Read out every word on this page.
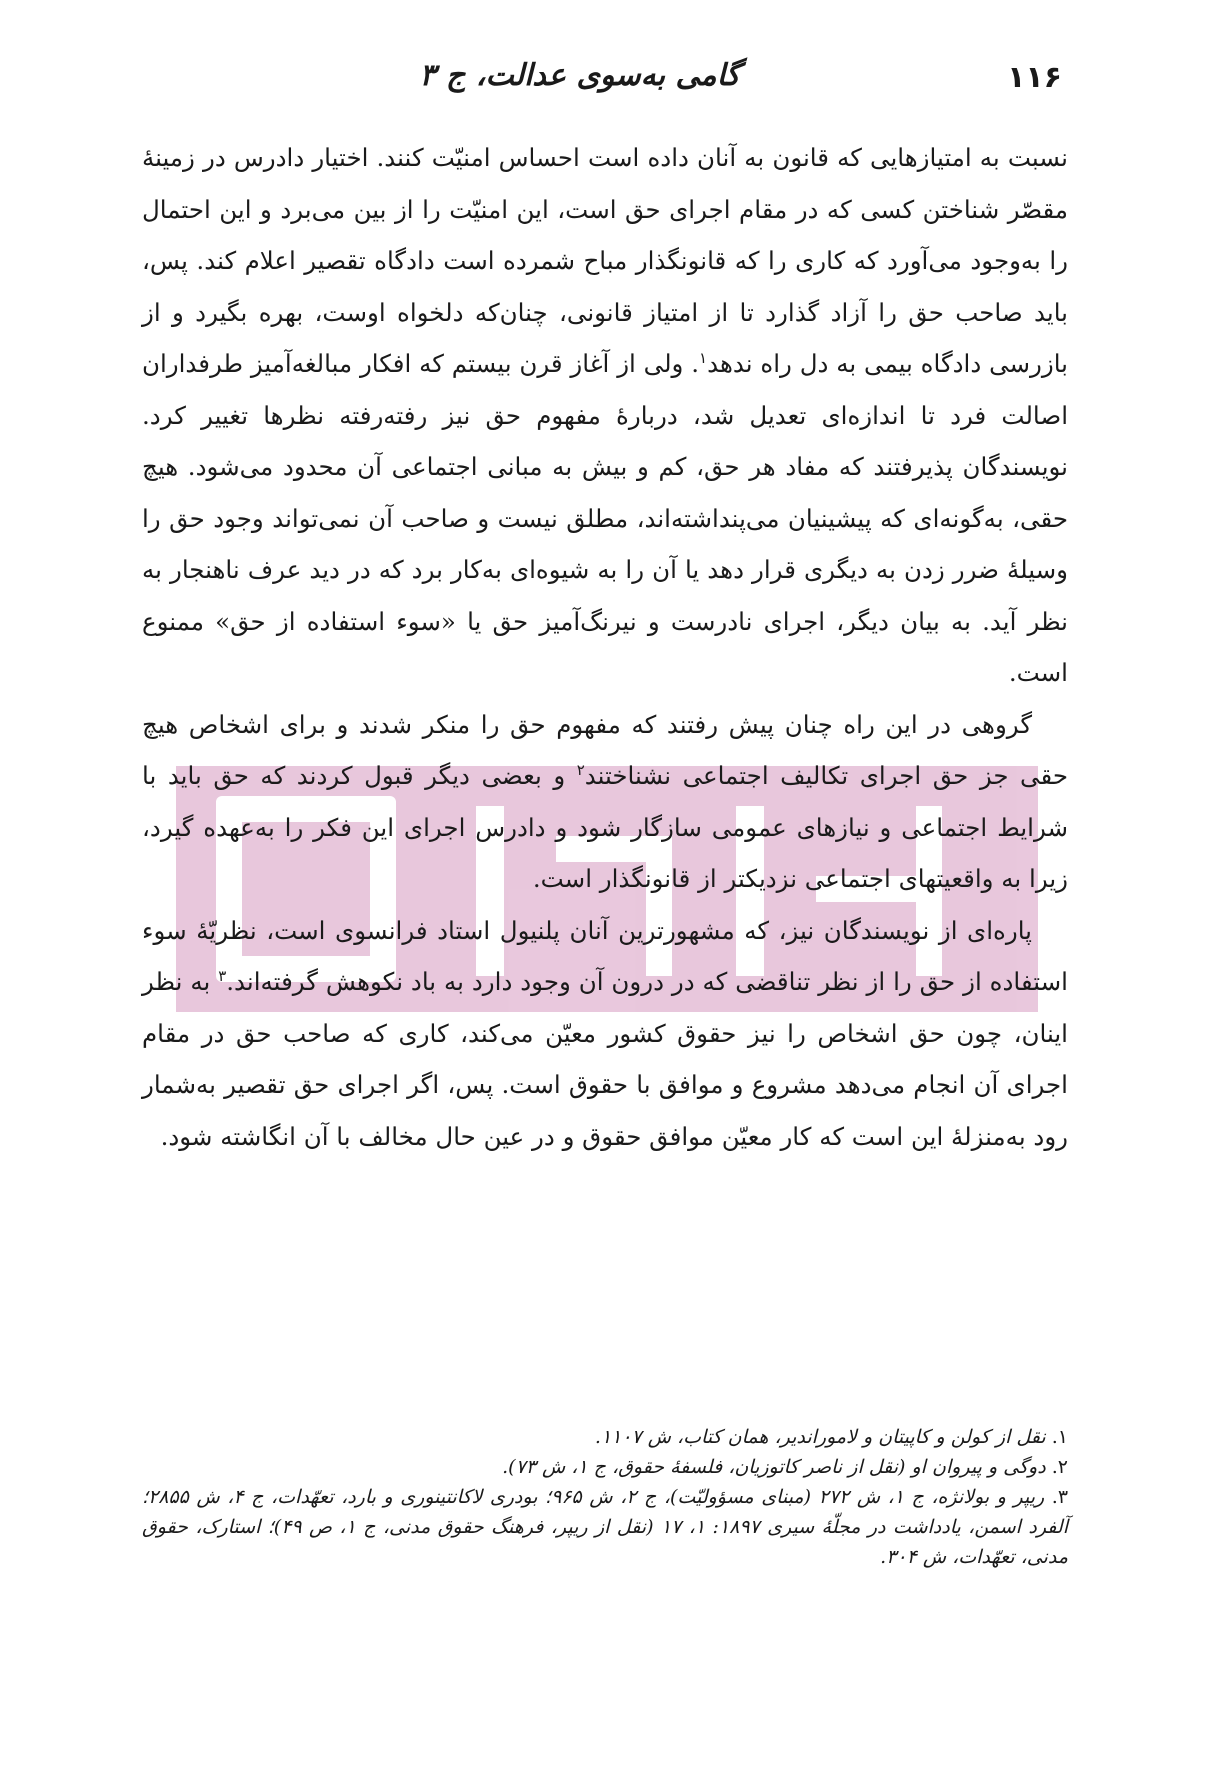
۱۱۶
گامی به‌سوی عدالت، ج ۳

نسبت به امتیازهایی که قانون به آنان داده است احساس امنیّت کنند. اختیار دادرس در زمینهٔ مقصّر شناختن کسی که در مقام اجرای حق است، این امنیّت را از بین می‌برد و این احتمال را به‌وجود می‌آورد که کاری را که قانونگذار مباح شمرده است دادگاه تقصیر اعلام کند. پس، باید صاحب حق را آزاد گذارد تا از امتیاز قانونی، چنان‌که دلخواه اوست، بهره بگیرد و از بازرسی دادگاه بیمی به دل راه ندهد$^۱$. ولی از آغاز قرن بیستم که افکار مبالغه‌آمیز طرفداران اصالت فرد تا اندازه‌ای تعدیل شد، دربارهٔ مفهوم حق نیز رفته‌رفته نظرها تغییر کرد. نویسندگان پذیرفتند که مفاد هر حق، کم و بیش به مبانی اجتماعی آن محدود می‌شود. هیچ حقی، به‌گونه‌ای که پیشینیان می‌پنداشته‌اند، مطلق نیست و صاحب آن نمی‌تواند وجود حق را وسیلهٔ ضرر زدن به دیگری قرار دهد یا آن را به شیوه‌ای به‌کار برد که در دید عرف ناهنجار به نظر آید. به بیان دیگر، اجرای نادرست و نیرنگ‌آمیز حق یا «سوء استفاده از حق» ممنوع است.

گروهی در این راه چنان پیش رفتند که مفهوم حق را منکر شدند و برای اشخاص هیچ حقی جز حق اجرای تکالیف اجتماعی نشناختند$^۲$ و بعضی دیگر قبول کردند که حق باید با شرایط اجتماعی و نیازهای عمومی سازگار شود و دادرس اجرای این فکر را به‌عهده گیرد، زیرا به واقعیتهای اجتماعی نزدیکتر از قانونگذار است.

پاره‌ای از نویسندگان نیز، که مشهورترین آنان پلنیول استاد فرانسوی است، نظریّهٔ سوء استفاده از حق را از نظر تناقضی که در درون آن وجود دارد به باد نکوهش گرفته‌اند.$^۳$ به نظر اینان، چون حق اشخاص را نیز حقوق کشور معیّن می‌کند، کاری که صاحب حق در مقام اجرای آن انجام می‌دهد مشروع و موافق با حقوق است. پس، اگر اجرای حق تقصیر به‌شمار رود به‌منزلهٔ این است که کار معیّن موافق حقوق و در عین حال مخالف با آن انگاشته شود.

۱. نقل از کولن و کاپیتان و لاموراندیر، همان کتاب، ش ۱۱۰۷.

۲. دوگی و پیروان او (نقل از ناصر کاتوزیان، فلسفهٔ حقوق، ج ۱، ش ۷۳).

۳. ریپر و بولانژه، ج ۱، ش ۲۷۲ (مبنای مسؤولیّت)، ج ۲، ش ۹۶۵؛ بودری لاکانتینوری و بارد، تعهّدات، ج ۴، ش ۲۸۵۵؛ آلفرد اسمن، یادداشت در مجلّهٔ سیری ۱۸۹۷: ۱، ۱۷ (نقل از ریپر، فرهنگ حقوق مدنی، ج ۱، ص ۴۹)؛ استارک، حقوق مدنی، تعهّدات، ش ۳۰۴.
